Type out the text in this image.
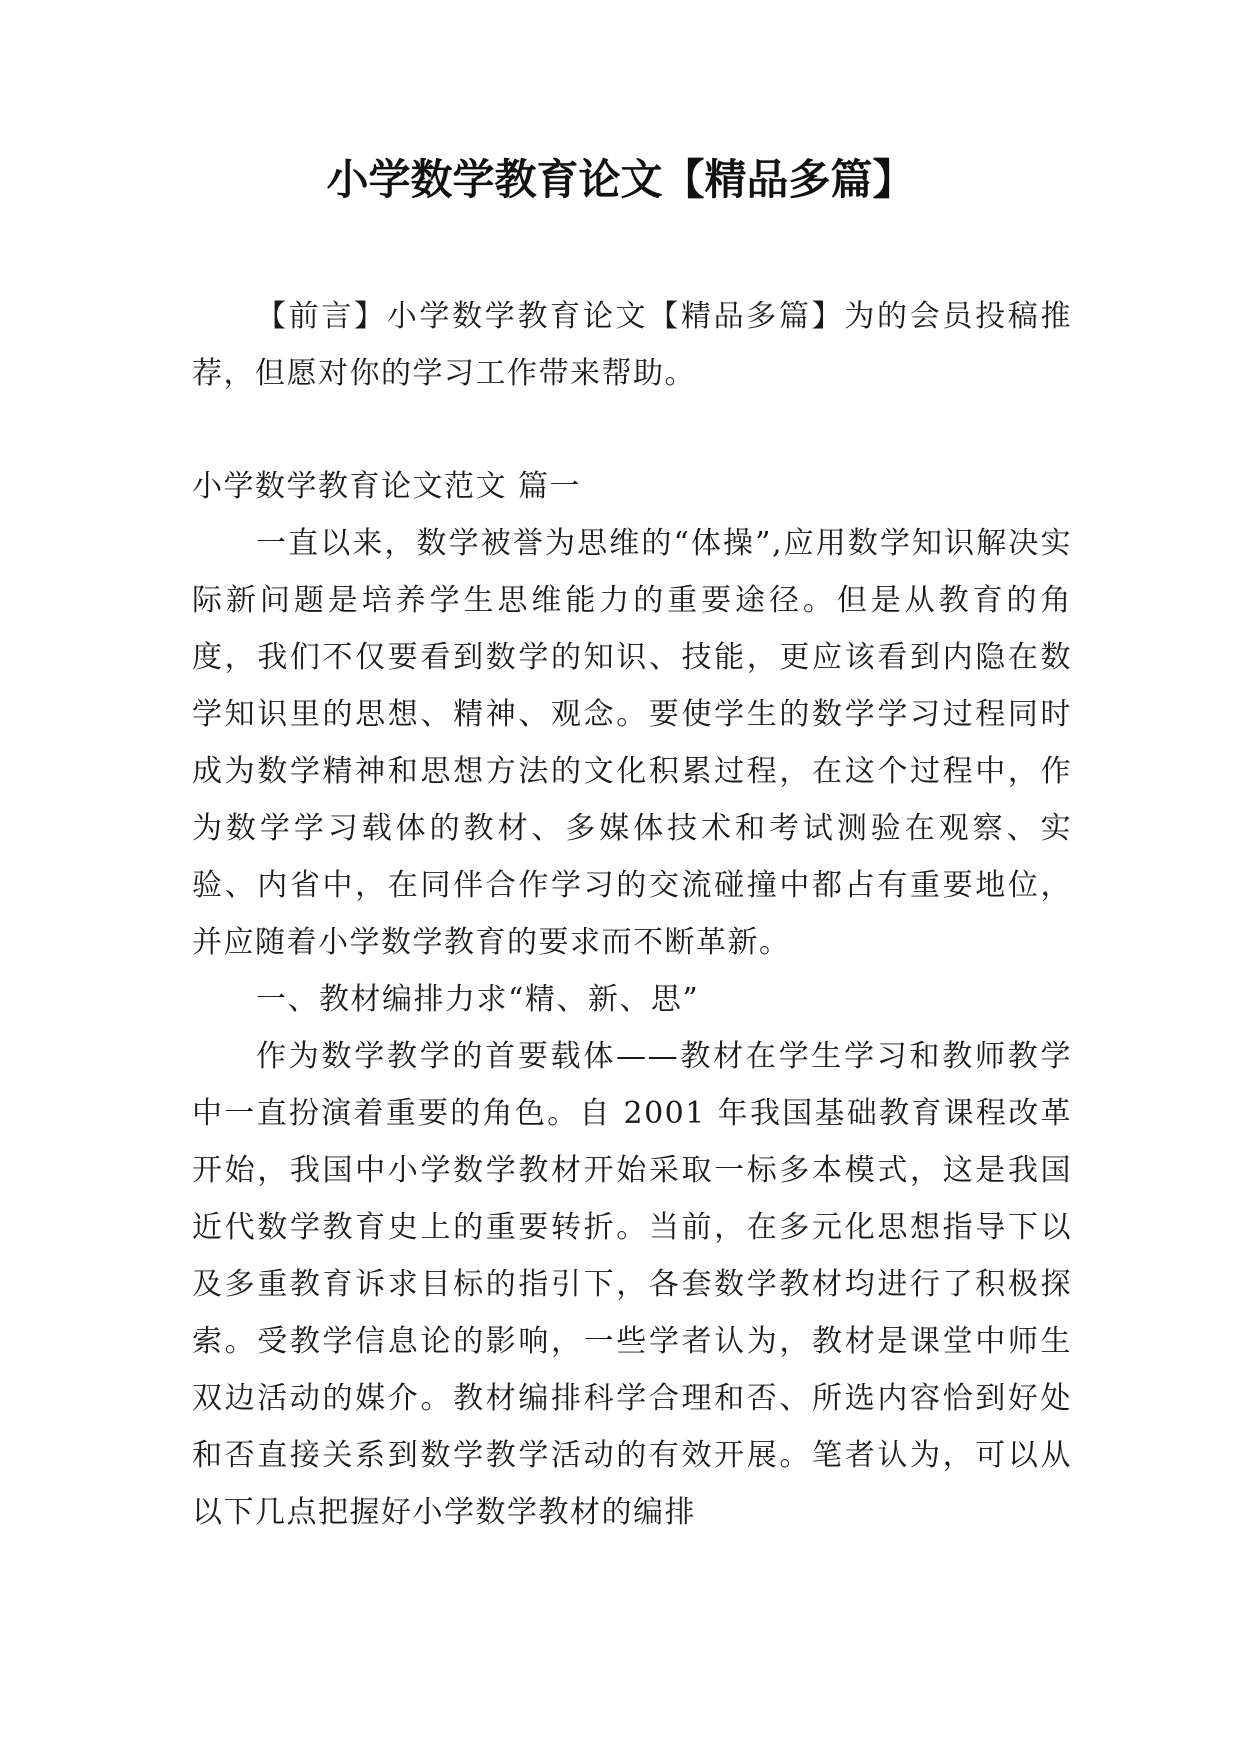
小学数学教育论文【精品多篇】

【前言】小学数学教育论文【精品多篇】为的会员投稿推荐，但愿对你的学习工作带来帮助。

小学数学教育论文范文 篇一

一直以来，数学被誉为思维的“体操”,应用数学知识解决实际新问题是培养学生思维能力的重要途径。但是从教育的角度，我们不仅要看到数学的知识、技能，更应该看到内隐在数学知识里的思想、精神、观念。要使学生的数学学习过程同时成为数学精神和思想方法的文化积累过程，在这个过程中，作为数学学习载体的教材、多媒体技术和考试测验在观察、实验、内省中，在同伴合作学习的交流碰撞中都占有重要地位，并应随着小学数学教育的要求而不断革新。

一、教材编排力求“精、新、思”

作为数学教学的首要载体——教材在学生学习和教师教学中一直扮演着重要的角色。自 2001 年我国基础教育课程改革开始，我国中小学数学教材开始采取一标多本模式，这是我国近代数学教育史上的重要转折。当前，在多元化思想指导下以及多重教育诉求目标的指引下，各套数学教材均进行了积极探索。受教学信息论的影响，一些学者认为，教材是课堂中师生双边活动的媒介。教材编排科学合理和否、所选内容恰到好处和否直接关系到数学教学活动的有效开展。笔者认为，可以从以下几点把握好小学数学教材的编排
